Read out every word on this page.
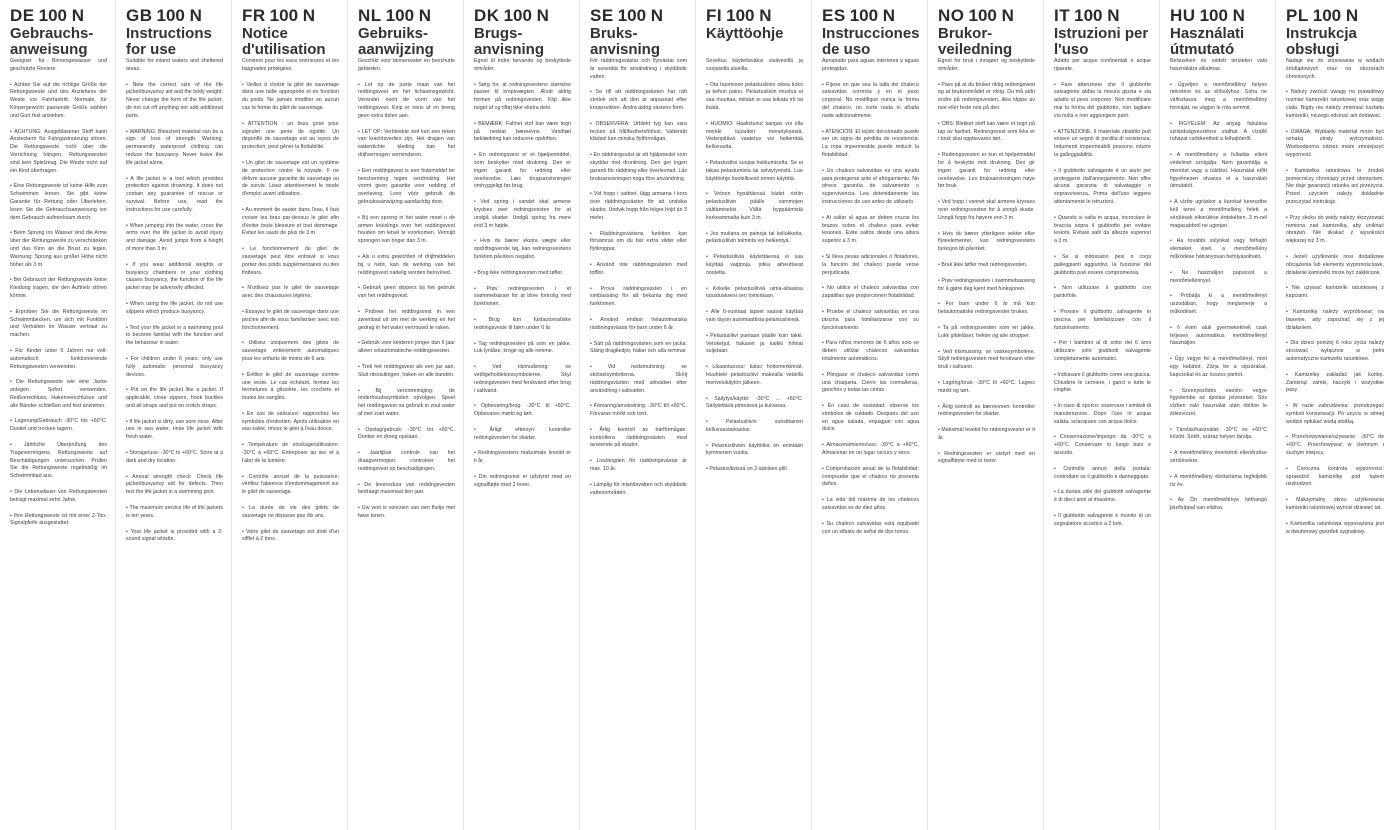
DE 100 N
Gebrauchs-anweisung

Geeignet für Binnengewässer und geschützte Reviere.

• Achten Sie auf die richtige Größe der Rettungsweste und des Anziehens der Weste vor Fahrtantritt. Normale, für Körpergewicht passende Größe wählen und Gurt fest anziehen.

• ACHTUNG: Ausgeblasener Stoff kann Ansteckern für Fahrgastnutzung stören. Die Rettungsweste nicht über die Vorrichtung hängen. Rettungswesten sind kein Spielzeug. Die Weste nicht auf ein Kind übertragen.

• Eine Rettungsweste ist keine Hilfe zum Schwimmen lernen. Sie gibt keine Garantie für Rettung oder Überleben, lesen Sie die Gebrauchsanweisung vor dem Gebrauch aufmerksam durch.

• Beim Sprung ins Wasser sind die Arme über der Rettungsweste zu verschränken und das Kinn an die Brust zu legen. Warnung: Sprung aus großer Höhe nicht höher als 3 m.

• Bei Gebrauch der Rettungsweste keine Kleidung tragen, die den Auftrieb stören könnte.

• Erproben Sie die Rettungsweste im Schwimmbecken, um sich mit Funktion und Verhalten im Wasser vertraut zu machen.

• Für Kinder unter 6 Jahren nur voll-automatisch funktionierende Rettungswesten verwenden.

• Die Rettungsweste wie eine Jacke anlegen. Sofort verwenden. Reißverschluss, Hakenverschlüsse und alle Bänder schließen und fest anziehen.

• Lagerung/Gebrauch -30°C bis +60°C. Dunkel und trocken lagern.

• Jährliche Überprüfung des Tragevermögens. Rettungsweste auf Beschädigungen untersuchen. Prüfen Sie die Rettungsweste regelmäßig im Schwimmbad aus.

• Die Lebensdauer von Rettungswesten beträgt maximal zehn Jahre.

• Ihre Rettungsweste ist mit einer 2-Ton-Signalpfeife ausgestattet.

GB 100 N
Instructions for use

Suitable for inland waters and sheltered areas.

• Note the correct size of the life jacket/buoyancy aid and the body weight. Never change the form of the life jacket, do not cut off anything nor add additional parts.

• WARNING: Bleached material can be a sign of loss of strength. Warning: permanently waterproof clothing can reduce the buoyancy. Never leave the life jacket alone.

• A life jacket is a tool which provides protection against drowning. It does not contain any guarantee of rescue or survival. Before use, read the instructions for use carefully.

• When jumping into the water, cross the arms over the life jacket to avoid injury and damage. Avoid jumps from a height of more than 3 m.

• If you wear additional weights or buoyancy chambers or your clothing causes buoyancy, the function of the life jacket may be adversely affected.

• When using the life jacket, do not use slippers which produce buoyancy.

• Test your life jacket in a swimming pool to become familiar with the function and the behaviour in water.

• For children under 6 years, only use fully automatic personal buoyancy devices.

• Put on the life jacket like a jacket. If applicable, close zippers, hook buckles and all straps and put on crotch straps.

• If life jacket is dirty, use sore rinse. After use in sea water, rinse life jacket with fresh water.

• Storage/use: -30°C to +60°C. Store at a dark and dry location.

• Annual strength check: Check life jacket/buoyancy aid for defects. Then test the life jacket in a swimming pool.

• The maximum service life of life jackets is ten years.

• Your life jacket is provided with a 2-sound signal whistle.

FR 100 N
Notice d'utilisation

Convient pour les eaux intérieures et les baignades protégées.

• Veillez à choisir la gilet de sauvetage dans une taille appropriée et en fonction du poids. Ne jamais modifier en aucun cas la forme du gilet de sauvetage.

• ATTENTION : un tissu grisé pour signaler une perte de rigidité. Un dégonflé de sauvetage est au repos de protection, peut gêner la flottabilité.

• Un gilet de sauvetage est un système de protection contre la noyade. Il ne délivre aucune garantie de sauvetage ou de survie. Lisez attentivement le mode d'emploi avant utilisation.

• Au moment de sauter dans l'eau, il faut croiser les bras par-dessus le gilet afin d'éviter toute blessure et tout dommage. Évitez les sauts de plus de 3 m.

• Le fonctionnement du gilet de sauvetage peut être entravé si vous portez des poids supplémentaires ou des flotteurs.

• N'utilisez pas le gilet de sauvetage avec des chaussures légères.

• Essayez le gilet de sauvetage dans une piscine afin de vous familiariser avec son fonctionnement.

• Utilisez uniquement des gilets de sauvetage entièrement automatiques pour les enfants de moins de 6 ans.

• Enfilez le gilet de sauvetage comme une veste. Le cas échéant, fermez les fermetures à glissière, les crochets et toutes les sangles.

• En cas de salissure: rapprochez les symboles d'entretien. Après utilisation en eau salée, rincez le gilet à l'eau douce.

• Température de stockage/utilisation: -30°C à +60°C. Entreposer au sec et à l'abri de la lumière.

• Contrôle annuel de la puissance: vérifiez l'absence d'endommagement sur le gilet de sauvetage.

• La durée de vie des gilets de sauvetage ne dépasse pas dix ans.

• Votre gilet de sauvetage est doté d'un sifflet à 2 tons.

NL 100 N
Gebruiks-aanwijzing

Geschikt voor binnenwater en beschutte gebieden.

• Let op de juiste maat van het reddingsvest en het lichaamsgewicht. Verander nooit de vorm van het reddingsvest. Knip er niets af en breng geen extra delen aan.

• LET OP: Verbleekte stof kan een teken van krachtsverlies zijn. Het dragen van waterdichte kleding kan het drijfvermogen verminderen.

• Een reddingsvest is een hulpmiddel ter bescherming tegen verdrinking. Het vormt geen garantie voor redding of overleving. Lees vóór gebruik de gebruiksaanwijzing aandachtig door.

• Bij een sprong in het water moet u de armen kruislings over het reddingsvest houden om letsel te voorkomen. Vermijd sprongen van hoger dan 3 m.

• Als u extra gewichten of drijfmiddelen bij u hebt, kan de werking van het reddingsvest nadelig worden beïnvloed.

• Gebruik geen slippers bij het gebruik van het reddingsvest.

• Probeer het reddingsvest in een zwembad uit om met de werking en het gedrag in het water vertrouwd te raken.

• Gebruik voor kinderen jonger dan 6 jaar alleen volautomatische reddingsvesten.

• Trek het reddingsvest als een jas aan. Sluit ritssluitingen, haken en alle banden.

• Bij verontreiniging: de onderhoudssymbolen opvolgen. Spoel het reddingsvest na gebruik in zout water af met zoet water.

• Opslag/gebruik: -30°C tot +60°C. Donker en droog opslaan.

• Jaarlijkse controle van het draagvermogen: controleer het reddingsvest op beschadigingen.

• De levensduur van reddingsvesten bedraagt maximaal tien jaar.

• Uw vest is voorzien van een fluitje met twee tonen.

DK 100 N
Brugs-anvisning

Egnet til indre farvande og beskyttede områder.

• Sørg for, at redningsvestens størrelse passer til kropsvægten. Ændr aldrig formen på redningsvesten. Klip ikke noget af og tilføj ikke ekstra dele.

• BEMÆRK: Falmet stof kan være tegn på nedsat bæreevne. Vandtæt beklædning kan reducere opdriften.

• En redningsvest er et hjælpemiddel, som beskytter mod drukning. Den er ingen garanti for redning eller overlevelse. Læs brugsanvisningen omhyggeligt før brug.

• Ved spring i vandet skal armene krydses over redningsvesten for at undgå skader. Undgå spring fra mere end 3 m højde.

• Hvis du bærer ekstra vægte eller opdriftsgivende tøj, kan redningsvestens funktion påvirkes negativt.

• Brug ikke redningsvesten med tøfler.

• Prøv redningsvesten i et svømmebassin for at blive fortrolig med funktionen.

• Brug kun fuldautomatiske redningsveste til børn under 6 år.

• Tag redningsvesten på som en jakke. Luk lynlåse, kroge og alle remme.

• Ved tilsmudsning: se vedligeholdelsessymbolerne. Skyl redningsvesten med ferskvand efter brug i saltvand.

• Opbevaring/brug: -30°C til +60°C. Opbevares mørkt og tørt.

• Årligt eftersyn: kontroller redningsvesten for skader.

• Redningsvestens maksimale levetid er ti år.

• Din redningsvest er udstyret med en signalfløjte med 2 toner.

SE 100 N
Bruks-anvisning

För räddningsvästar och flytvästar som är avsedda för användning i skyddade vatten.

• Se till att räddningsvästen har rätt storlek och att den är anpassad efter kroppsvikten. Ändra aldrig västens form.

• OBSERVERA: Urblekt tyg kan vara tecken på hållfasthetsförlust. Vattentät klädsel kan minska flytförmågan.

• En räddningsväst är ett hjälpmedel som skyddar mot drunkning. Den ger ingen garanti för räddning eller överlevnad. Läs bruksanvisningen noga före användning.

• Vid hopp i vattnet, lägg armarna i kors över räddningsvästen för att undvika skador. Undvik hopp från högre höjd än 3 meter.

• Räddningsvästens funktion kan försämras om du bär extra vikter eller flytkroppar.

• Använd inte räddningsvästen med tofflor.

• Prova räddningsvästen i en simbassäng för att bekanta dig med funktionen.

• Använd endast helautomatiska räddningsvästar för barn under 6 år.

• Sätt på räddningsvästen som en jacka. Stäng dragkedjor, hakar och alla remmar.

• Vid nedsmutsning: se skötselsymbolerna. Skölj räddningsvästen med sötvatten efter användning i saltvatten.

• Förvaring/användning: -30°C till +60°C. Förvaras mörkt och torrt.

• Årlig kontroll av bärförmågan: kontrollera räddningsvästen med avseende på skador.

• Livslängden för räddningsvästar är max. 10 år.

• Lämplig för inlandsvatten och skyddade vattenområden.

FI 100 N
Käyttöohje

Soveltuu käytettäväksi sisävesillä ja suojaisilla alueilla.

• Ota huomioon pelastusliivin oikea koko ja kehon paino. Pelastusliivin muotoa ei saa muuttaa, mitään ei saa leikata irti tai lisätä.

• HUOMIO: Haalistunut kangas voi olla merkki lujuuden menetyksestä. Vedenpitävä vaatetus voi heikentää kelluvuutta.

• Pelastusliivi suojaa hukkumiselta. Se ei takaa pelastumista tai selviytymistä. Lue käyttöohje huolellisesti ennen käyttöä.

• Vetoon hypättäessä kädet ristiin pelastusliivin päälle vammojen välttämiseksi. Vältä hyppäämistä korkeammalta kuin 3 m.

• Jos mukana on painoja tai kellukkeita, pelastusliivin toiminta voi heikentyä.

• Pelastusliiviä käytettäessä ei saa käyttää vaippoja, jotka aiheuttavat nostetta.

• Kokeile pelastusliiviä uima-altaassa tutustuaksesi sen toimintaan.

• Alle 6-vuotiaat lapset saavat käyttää vain täysin automaattisia pelastusliivejä.

• Pelastusliivi puetaan päälle kuin takki. Vetoketjut, hakaset ja kaikki hihnat suljetaan.

• Likaantuessa: katso hoitomerkinnät. Huuhtele pelastusliivi makealla vedellä merivesikäytön jälkeen.

• Säilytys/käyttö: -30°C ... +60°C. Säilytettävä pimeässä ja kuivassa.

• Pelastusliivin vuosittainen kelluvuustarkastus.

• Pelastusliivien käyttöikä on enintään kymmenen vuotta.

• Pelastusliivissä on 2-äänisen pilli.

ES 100 N
Instrucciones de uso

Apropiado para aguas interiores y aguas protegidas.

• Fíjese en que sea la talla del chaleco salvavidas correcta y en el peso corporal. No modifique nunca la forma del chaleco, no corte nada ni añada nada adicionalmente.

• ATENCIÓN: El tejido decolorado puede ser un signo de pérdida de resistencia. La ropa impermeable puede reducir la flotabilidad.

• Un chaleco salvavidas es una ayuda para protegerse ante el ahogamiento. No ofrece garantía de salvamento o supervivencia. Lea detenidamente las instrucciones de uso antes de utilizarlo.

• Al saltar al agua se deben cruzar los brazos sobre el chaleco para evitar lesiones. Evite saltos desde una altura superior a 3 m.

• Si lleva pesas adicionales o flotadores, la función del chaleco puede verse perjudicada.

• No utilice el chaleco salvavidas con zapatillas que proporcionen flotabilidad.

• Pruebe el chaleco salvavidas en una piscina para familiarizarse con su funcionamiento.

• Para niños menores de 6 años solo se deben utilizar chalecos salvavidas totalmente automáticos.

• Póngase el chaleco salvavidas como una chaqueta. Cierre las cremalleras, ganchos y todas las cintas.

• En caso de suciedad: observe los símbolos de cuidado. Después del uso en agua salada, enjuague con agua dulce.

• Almacenamiento/uso: -30°C a +60°C. Almacenar en un lugar oscuro y seco.

• Comprobación anual de la flotabilidad: compruebe que el chaleco no presenta daños.

• La vida útil máxima de los chalecos salvavidas es de diez años.

• Su chaleco salvavidas está equipado con un silbato de señal de dos tonos.

NO 100 N
Brukor-veiledning

Egnet for bruk i innsjøer og beskyttede områder.

• Pass på at du bruker riktig redningsvest og at bruksområdet er riktig. Du må aldri endre på redningsvesten, ikke klippe av noe eller feste noe på den.

• OBS: Blekket stoff kan være et tegn på tap av fasthet. Redningsvest som ikke er i bruk skal oppbevares tørt.

• Redningsvesten er kun et hjelpemiddel for å beskytte mot drukning. Den gir ingen garanti for redning eller overlevelse. Les bruksanvisningen nøye før bruk.

• Ved hopp i vannet skal armene krysses over redningsvesten for å unngå skade. Unngå hopp fra høyere enn 3 m.

• Hvis du bærer ytterligere vekter eller flyteelementer, kan redningsvestens funksjon bli påvirket.

• Bruk ikke tøfler med redningsvesten.

• Prøv redningsvesten i svømmebasseng for å gjøre deg kjent med funksjonen.

• For barn under 6 år må kun helautomatiske redningsvester brukes.

• Ta på redningsvesten som en jakke. Lukk glidelåser, hekter og alle stropper.

• Ved tilsmussing: se vaskesymbolene. Skyll redningsvesten med ferskvann etter bruk i saltvann.

• Lagring/bruk: -30°C til +60°C. Lagres mørkt og tørt.

• Årlig kontroll av bæreevnen: kontroller redningsvesten for skader.

• Maksimal levetid for redningsvester er ti år.

• Redningsvesten er utstyrt med en signalfløyte med to toner.

IT 100 N
Istruzioni per l'uso

Adatto per acque continentali e acque riparate.

• Fare attenzione che il giubbotto salvagente abbia la misura giusta e sia adatto al peso corporeo. Non modificare mai la forma del giubbotto, non tagliare via nulla e non aggiungere parti.

• ATTENZIONE: il materiale sbiadito può essere un segno di perdita di resistenza. Indumenti impermeabili possono ridurre la galleggiabilità.

• Il giubbotto salvagente è un aiuto per proteggersi dall'annegamento. Non offre alcuna garanzia di salvataggio o sopravvivenza. Prima dell'uso leggere attentamente le istruzioni.

• Quando si salta in acqua, incrociare le braccia sopra il giubbotto per evitare lesioni. Evitare salti da altezze superiori a 3 m.

• Se si indossano pesi o corpi galleggianti aggiuntivi, la funzione del giubbotto può essere compromessa.

• Non utilizzare il giubbotto con pantofole.

• Provare il giubbotto salvagente in piscina per familiarizzare con il funzionamento.

• Per i bambini al di sotto dei 6 anni utilizzare solo giubbotti salvagente completamente automatici.

• Indossare il giubbotto come una giacca. Chiudere le cerniere, i ganci e tutte le cinghie.

• In caso di sporco: osservare i simboli di manutenzione. Dopo l'uso in acqua salata, sciacquare con acqua dolce.

• Conservazione/impiego: da -30°C a +60°C. Conservare in luogo buio e asciutto.

• Controllo annuo della portata: controllare se il giubbotto è danneggiato.

• La durata utile dei giubbotti salvagente è di dieci anni al massimo.

• Il giubbotto salvagente è munito di un segnalatore acustico a 2 toni.

HU 100 N
Használati útmutató

Belvizeken és védett területen való használatra alkalmas.

• Ügyeljen a mentőmellény helyes méretére és az élősúlyhoz. Soha ne változtassa meg a mentőmellény formáját, ne vágjon le róla semmit.

• FIGYELEM: Az anyag fakulása szilárdságvesztésre utalhat. A vízálló ruházat csökkentheti a felhajtóerőt.

• A mentőmellény a fulladás elleni védelmet szolgálja. Nem garantálja a mentést vagy a túlélést. Használat előtt figyelmesen olvassa el a használati útmutatót.

• A vízbe ugráskor a karokat keresztbe kell tenni a mentőmellény felett a sérülések elkerülése érdekében. 3 m-nél magasabbról ne ugorjon.

• Ha további súlyokat vagy felhajtó elemeket visel, a mentőmellény működése hátrányosan befolyásolható.

• Ne használjon papucsot a mentőmellénnyel.

• Próbálja ki a mentőmellényt uszodában, hogy megismerje a működését.

• 6 éven aluli gyermekeknek csak teljesen automatikus mentőmellényt használjon.

• Úgy vegye fel a mentőmellényt, mint egy kabátot. Zárja be a cipzárakat, kapcsokat és az összes pántot.

• Szennyeződés esetén: vegye figyelembe az ápolási jelzéseket. Sós vízben való használat után öblítse le édesvízzel.

• Tárolás/használat: -30°C és +60°C között. Sötét, száraz helyen tárolja.

• A mentőmellény évenkénti ellenőrzése sérülésekre.

• A mentőmellény élettartama legfeljebb tíz év.

• Az Ön mentőmellénye kéthangú jelzősíppal van ellátva.

PL 100 N
Instrukcja obsługi

Nadaje się do stosowania w wodach śródlądowych oraz na obszarach chronionych.

• Należy zwrócić uwagę na prawidłowy rozmiar kamizelki ratunkowej oraz wagę ciała. Nigdy nie należy zmieniać kształtu kamizelki, niczego odcinać ani dodawać.

• UWAGA: Wyblakły materiał może być oznaką utraty wytrzymałości. Wodoodporna odzież może zmniejszyć wyporność.

• Kamizelka ratunkowa to środek pomocniczy chroniący przed utonięciem. Nie daje gwarancji ratunku ani przeżycia. Przed użyciem należy dokładnie przeczytać instrukcję.

• Przy skoku do wody należy skrzyżować ramiona nad kamizelką, aby uniknąć obrażeń. Nie skakać z wysokości większej niż 3 m.

• Jeżeli użytkownik nosi dodatkowe obciążenia lub elementy wypornościowe, działanie kamizelki może być zakłócone.

• Nie używać kamizelki ratunkowej z kapciami.

• Kamizelkę należy wypróbować na basenie, aby zapoznać się z jej działaniem.

• Dla dzieci poniżej 6 roku życia należy stosować wyłącznie w pełni automatyczne kamizelki ratunkowe.

• Kamizelkę zakładać jak kurtkę. Zamknąć zamki, haczyki i wszystkie pasy.

• W razie zabrudzenia: przestrzegać symboli konserwacji. Po użyciu w słonej wodzie opłukać wodą słodką.

• Przechowywanie/używanie: -30°C do +60°C. Przechowywać w ciemnym i suchym miejscu.

• Coroczna kontrola wyporności: sprawdzić kamizelkę pod kątem uszkodzeń.

• Maksymalny okres użytkowania kamizelki ratunkowej wynosi dziesięć lat.

• Kamizelka ratunkowa wyposażona jest w dwutonowy gwizdek sygnałowy.
